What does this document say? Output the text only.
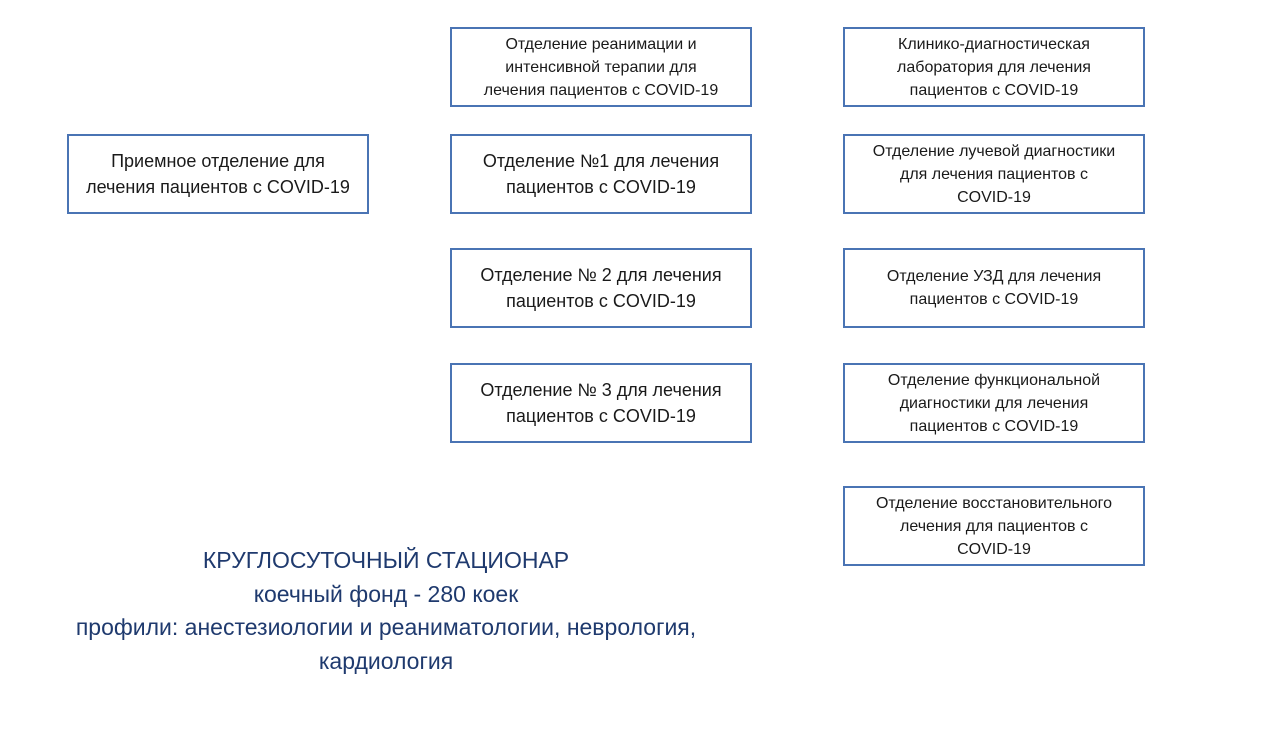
Приемное отделение для
лечения пациентов с COVID-19
Отделение реанимации и
интенсивной терапии для
лечения пациентов с COVID-19
Отделение №1 для лечения
пациентов с COVID-19
Отделение № 2 для лечения
пациентов с COVID-19
Отделение № 3 для лечения
пациентов с COVID-19
Клинико-диагностическая
лаборатория для лечения
пациентов с COVID-19
Отделение лучевой диагностики
для лечения пациентов с
COVID-19
Отделение УЗД для лечения
пациентов с COVID-19
Отделение функциональной
диагностики для лечения
пациентов с COVID-19
Отделение восстановительного
лечения для пациентов с
COVID-19
КРУГЛОСУТОЧНЫЙ СТАЦИОНАР
коечный фонд - 280 коек
профили: анестезиологии и реаниматологии, неврология,
кардиология
